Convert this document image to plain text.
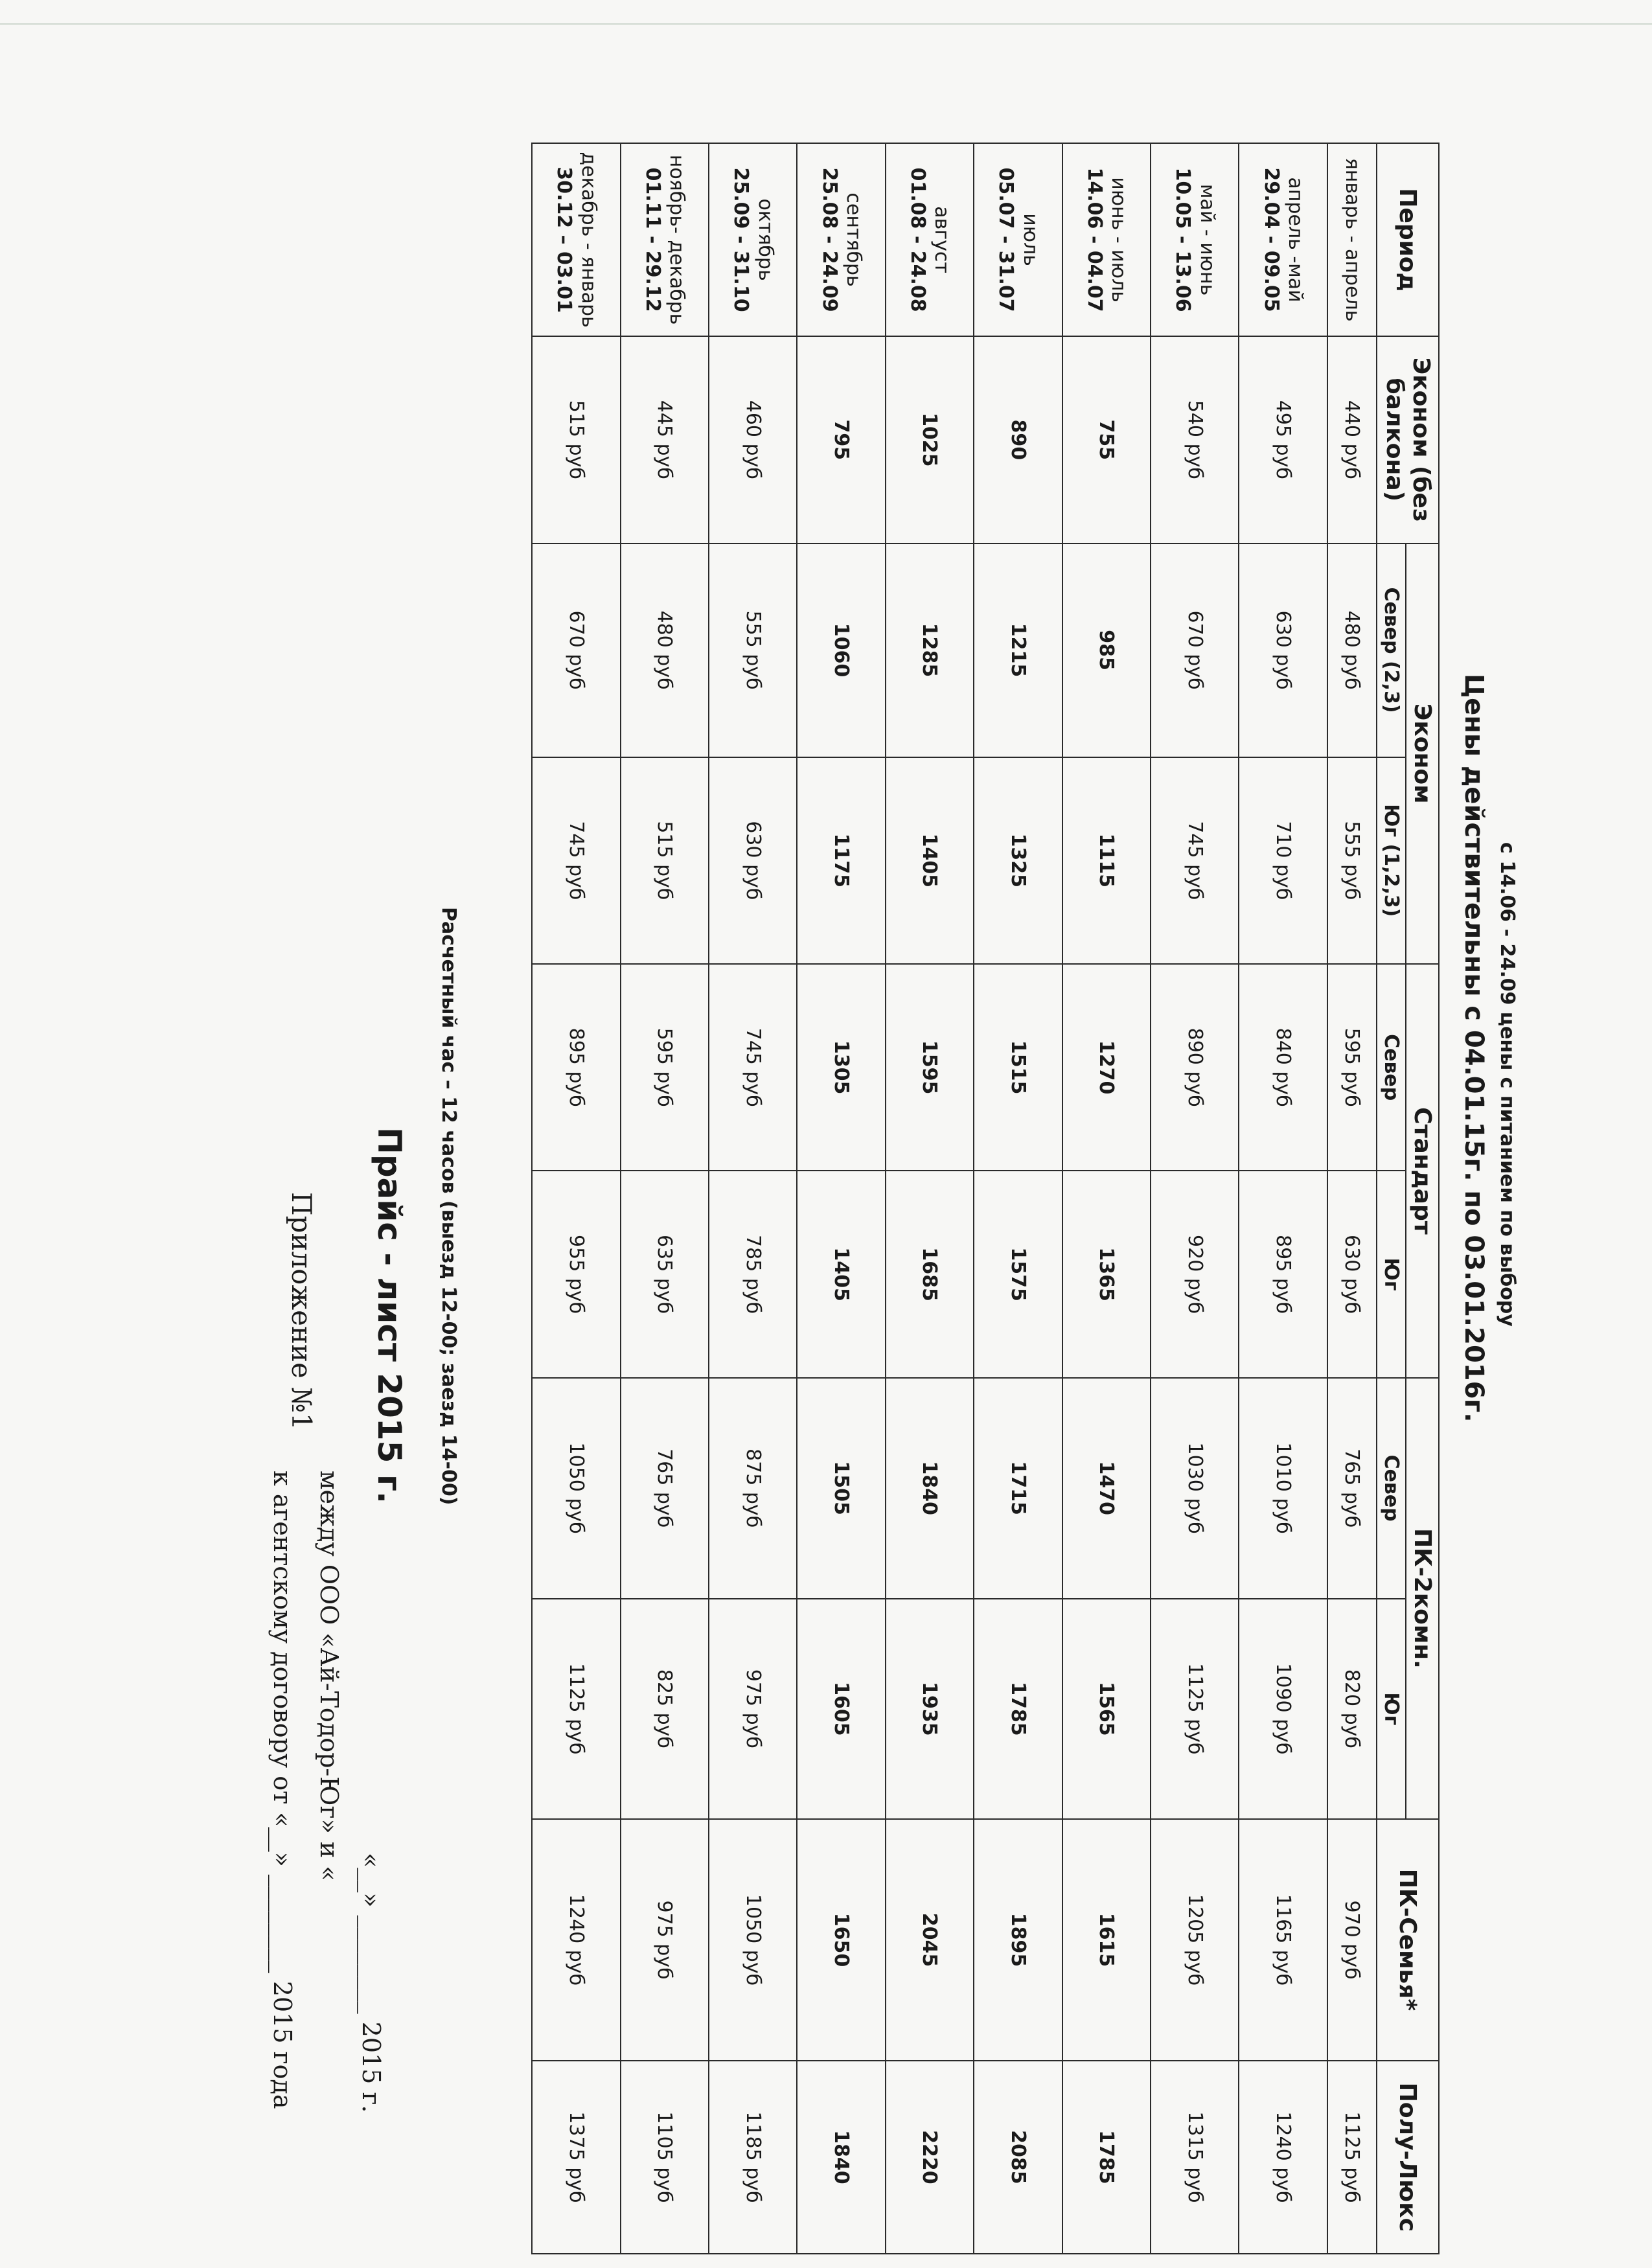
Приложение №1
к агентскому договору от «__» ________ 2015 года между ООО «Ай-Тодор-Юг» и «
«__» ________ 2015 г.
Прайс - лист 2015 г. Расчетный час – 12 часов (выезд 12-00; заезд 14-00)
Период	Эконом (без балкона)	Эконом		Стандарт		ПК-2комн.		ПК-Семья*	Полу-Люкс
		Север (2,3)	Юг (1,2,3)	Север	Юг	Север	Юг		

январь - апрель	440 руб	480 руб	555 руб	595 руб	630 руб	765 руб	820 руб	970 руб	1125 руб

апрель -май
29.04 - 09.05	495 руб	630 руб	710 руб	840 руб	895 руб	1010 руб	1090 руб	1165 руб	1240 руб

май - июнь
10.05 - 13.06	540 руб	670 руб	745 руб	890 руб	920 руб	1030 руб	1125 руб	1205 руб	1315 руб

июнь - июль
14.06 - 04.07	755	985	1115	1270	1365	1470	1565	1615	1785

июль
05.07 - 31.07	890	1215	1325	1515	1575	1715	1785	1895	2085

август
01.08 - 24.08	1025	1285	1405	1595	1685	1840	1935	2045	2220

сентябрь
25.08 - 24.09	795	1060	1175	1305	1405	1505	1605	1650	1840

октябрь
25.09 - 31.10	460 руб	555 руб	630 руб	745 руб	785 руб	875 руб	975 руб	1050 руб	1185 руб

ноябрь- декабрь
01.11 - 29.12	445 руб	480 руб	515 руб	595 руб	635 руб	765 руб	825 руб	975 руб	1105 руб

декабрь - январь
30.12 – 03.01	515 руб	670 руб	745 руб	895 руб	955 руб	1050 руб	1125 руб	1240 руб	1375 руб
Цены действительны с 04.01.15г. по 03.01.2016г. с 14.06 - 24.09 цены с питанием по выбору
